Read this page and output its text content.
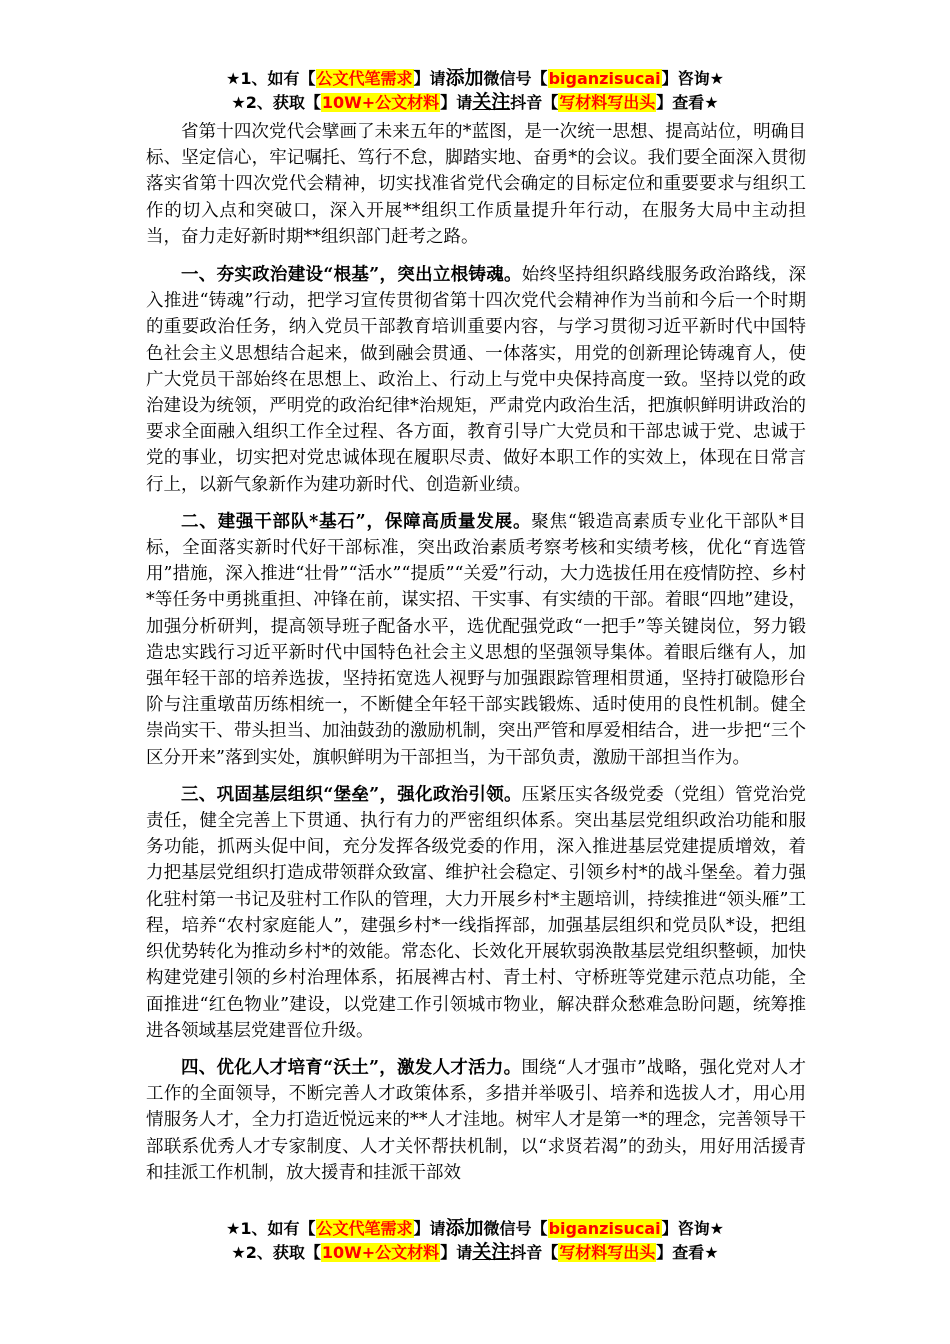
★1、如有【公文代笔需求】请添加微信号【biganzisucai】咨询★
★2、获取【10W+公文材料】请关注抖音【写材料写出头】查看★

省第十四次党代会擘画了未来五年的*蓝图，是一次统一思想、提高站位，明确目标、坚定信心，牢记嘱托、笃行不怠，脚踏实地、奋勇*的会议。我们要全面深入贯彻落实省第十四次党代会精神，切实找准省党代会确定的目标定位和重要要求与组织工作的切入点和突破口，深入开展**组织工作质量提升年行动，在服务大局中主动担当，奋力走好新时期**组织部门赶考之路。

一、夯实政治建设“根基”，突出立根铸魂。始终坚持组织路线服务政治路线，深入推进“铸魂”行动，把学习宣传贯彻省第十四次党代会精神作为当前和今后一个时期的重要政治任务，纳入党员干部教育培训重要内容，与学习贯彻习近平新时代中国特色社会主义思想结合起来，做到融会贯通、一体落实，用党的创新理论铸魂育人，使广大党员干部始终在思想上、政治上、行动上与党中央保持高度一致。坚持以党的政治建设为统领，严明党的政治纪律*治规矩，严肃党内政治生活，把旗帜鲜明讲政治的要求全面融入组织工作全过程、各方面，教育引导广大党员和干部忠诚于党、忠诚于党的事业，切实把对党忠诚体现在履职尽责、做好本职工作的实效上，体现在日常言行上，以新气象新作为建功新时代、创造新业绩。

二、建强干部队*基石”，保障高质量发展。聚焦“锻造高素质专业化干部队*目标，全面落实新时代好干部标准，突出政治素质考察考核和实绩考核，优化“育选管用”措施，深入推进“壮骨”“活水”“提质”“关爱”行动，大力选拔任用在疫情防控、乡村*等任务中勇挑重担、冲锋在前，谋实招、干实事、有实绩的干部。着眼“四地”建设，加强分析研判，提高领导班子配备水平，选优配强党政“一把手”等关键岗位，努力锻造忠实践行习近平新时代中国特色社会主义思想的坚强领导集体。着眼后继有人，加强年轻干部的培养选拔，坚持拓宽选人视野与加强跟踪管理相贯通，坚持打破隐形台阶与注重墩苗历练相统一，不断健全年轻干部实践锻炼、适时使用的良性机制。健全崇尚实干、带头担当、加油鼓劲的激励机制，突出严管和厚爱相结合，进一步把“三个区分开来”落到实处，旗帜鲜明为干部担当，为干部负责，激励干部担当作为。

三、巩固基层组织“堡垒”，强化政治引领。压紧压实各级党委（党组）管党治党责任，健全完善上下贯通、执行有力的严密组织体系。突出基层党组织政治功能和服务功能，抓两头促中间，充分发挥各级党委的作用，深入推进基层党建提质增效，着力把基层党组织打造成带领群众致富、维护社会稳定、引领乡村*的战斗堡垒。着力强化驻村第一书记及驻村工作队的管理，大力开展乡村*主题培训，持续推进“领头雁”工程，培养“农村家庭能人”，建强乡村*一线指挥部，加强基层组织和党员队*设，把组织优势转化为推动乡村*的效能。常态化、长效化开展软弱涣散基层党组织整顿，加快构建党建引领的乡村治理体系，拓展裨古村、青土村、守桥班等党建示范点功能，全面推进“红色物业”建设，以党建工作引领城市物业，解决群众愁难急盼问题，统筹推进各领域基层党建晋位升级。

四、优化人才培育“沃土”，激发人才活力。围绕“人才强市”战略，强化党对人才工作的全面领导，不断完善人才政策体系，多措并举吸引、培养和选拔人才，用心用情服务人才，全力打造近悦远来的**人才洼地。树牢人才是第一*的理念，完善领导干部联系优秀人才专家制度、人才关怀帮扶机制，以“求贤若渴”的劲头，用好用活援青和挂派工作机制，放大援青和挂派干部效

★1、如有【公文代笔需求】请添加微信号【biganzisucai】咨询★
★2、获取【10W+公文材料】请关注抖音【写材料写出头】查看★
